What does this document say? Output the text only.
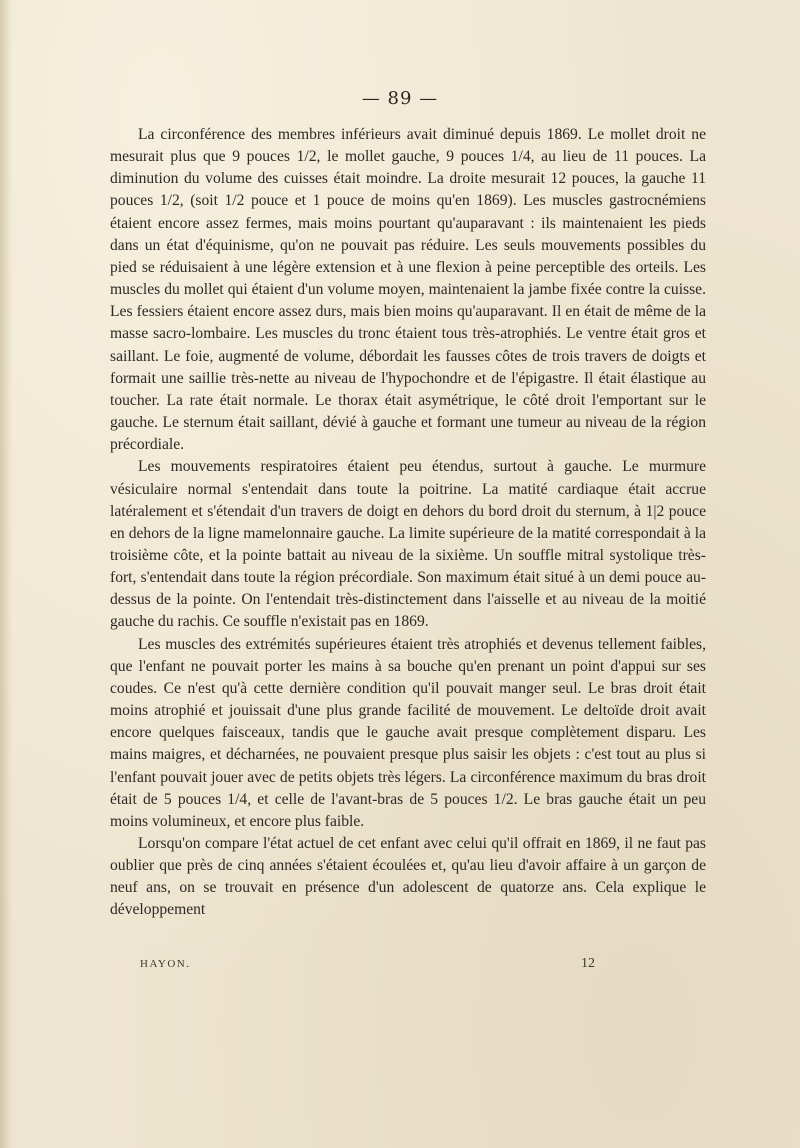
— 89 —

La circonférence des membres inférieurs avait diminué depuis 1869. Le mollet droit ne mesurait plus que 9 pouces 1/2, le mollet gauche, 9 pouces 1/4, au lieu de 11 pouces. La diminution du volume des cuisses était moindre. La droite mesurait 12 pouces, la gauche 11 pouces 1/2, (soit 1/2 pouce et 1 pouce de moins qu'en 1869). Les muscles gastrocnémiens étaient encore assez fermes, mais moins pourtant qu'auparavant : ils maintenaient les pieds dans un état d'équinisme, qu'on ne pouvait pas réduire. Les seuls mouvements possibles du pied se réduisaient à une légère extension et à une flexion à peine perceptible des orteils. Les muscles du mollet qui étaient d'un volume moyen, maintenaient la jambe fixée contre la cuisse. Les fessiers étaient encore assez durs, mais bien moins qu'auparavant. Il en était de même de la masse sacro-lombaire. Les muscles du tronc étaient tous très-atrophiés. Le ventre était gros et saillant. Le foie, augmenté de volume, débordait les fausses côtes de trois travers de doigts et formait une saillie très-nette au niveau de l'hypochondre et de l'épigastre. Il était élastique au toucher. La rate était normale. Le thorax était asymétrique, le côté droit l'emportant sur le gauche. Le sternum était saillant, dévié à gauche et formant une tumeur au niveau de la région précordiale.

Les mouvements respiratoires étaient peu étendus, surtout à gauche. Le murmure vésiculaire normal s'entendait dans toute la poitrine. La matité cardiaque était accrue latéralement et s'étendait d'un travers de doigt en dehors du bord droit du sternum, à 1|2 pouce en dehors de la ligne mamelonnaire gauche. La limite supérieure de la matité correspondait à la troisième côte, et la pointe battait au niveau de la sixième. Un souffle mitral systolique très-fort, s'entendait dans toute la région précordiale. Son maximum était situé à un demi pouce au-dessus de la pointe. On l'entendait très-distinctement dans l'aisselle et au niveau de la moitié gauche du rachis. Ce souffle n'existait pas en 1869.

Les muscles des extrémités supérieures étaient très atrophiés et devenus tellement faibles, que l'enfant ne pouvait porter les mains à sa bouche qu'en prenant un point d'appui sur ses coudes. Ce n'est qu'à cette dernière condition qu'il pouvait manger seul. Le bras droit était moins atrophié et jouissait d'une plus grande facilité de mouvement. Le deltoïde droit avait encore quelques faisceaux, tandis que le gauche avait presque complètement disparu. Les mains maigres, et décharnées, ne pouvaient presque plus saisir les objets : c'est tout au plus si l'enfant pouvait jouer avec de petits objets très légers. La circonférence maximum du bras droit était de 5 pouces 1/4, et celle de l'avant-bras de 5 pouces 1/2. Le bras gauche était un peu moins volumineux, et encore plus faible.

Lorsqu'on compare l'état actuel de cet enfant avec celui qu'il offrait en 1869, il ne faut pas oublier que près de cinq années s'étaient écoulées et, qu'au lieu d'avoir affaire à un garçon de neuf ans, on se trouvait en présence d'un adolescent de quatorze ans. Cela explique le développement

HAYON.	12
